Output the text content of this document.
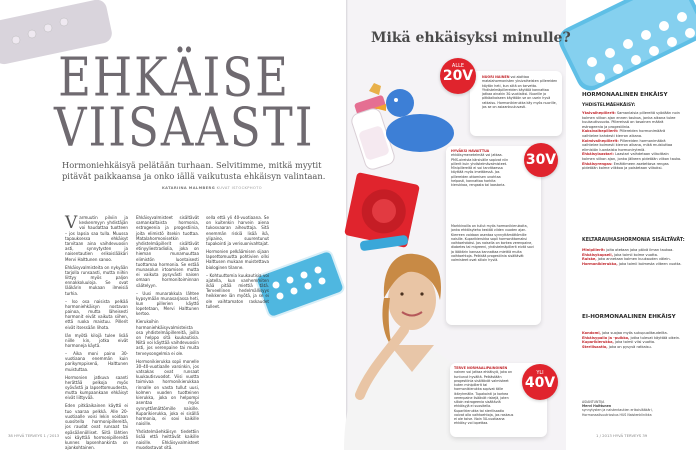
EHKÄISE
VIISAASTI
Hormoniehkäisyä pelätään turhaan. Selvitimme, mitkä myytit pitävät paikkaansa ja onko iällä vaikutusta ehkäisyn valintaan.
KATARIINA MALMBERG KUVAT ISTOCKPHOTO

Varmuutin pilviin ja keskenmyyn yhdistäjän voi haudattaa tuotteen – jos lapsia saa tulla. Muussa tapauksessa ehkäisyt tarvitaan aina vaihdevuosiin asti, synnytysten ja naisentautien erikoislääkäri Mervi Halttunen sanoo.

Ehkäisyvalmisteita on nykyään tarjolla runsaasti, mutta niihin liittyy myös paljon ennakkoluuloja. Se ovat lääkärin mukaan ilmeisiä turhia.

– Iso osa naisista pelkää hormoniehkäisyn nostavan painoa, mutta läheisesti hormonit eivät vaikuta siihen, että ruoka maistuu. Pillerit eivät itsessään lihota.

Iän myötä kilojä tulee lisää niille kin, jotka eivät hormoneja käytä.

– Aika moni paino 30-vuotiaana enemmän kuin parikymppisenä, Halttunen muistuttaa.

Hormonien jatkuva saanti herättää pelkoja myös syövästä ja lapsettomuudesta, mutta kumpaankaan ehkäisyt eivät liittyvää.

Eden pitkäaikainen käyttö ei tuo vaaraa pelkkä. Alle 20-vuotiaalle voisi lekin voidaan suositella hormonipillereitä, jos raudat ovat runsaat tai epäsäännölliset. Siitä lähtien voi käyttää hormonipillereitä kunnes lapsenhankinta on ajankohtainen.

Ehkäisyvalmisteet sisältävät samankaltaista hormonia, estrogeenia ja progestiinia, joita elimistö itsekin tuottaa. Matalahormonisetkin yhdistelmäpillerit sisältävät etinyyliestradiolia, joka on hieman munamuuttaa elimistön luontaisesti tuottamaa hormonia. Se estää munasolun irtoamisen mutta ei vaikuta pysyvästi naisen omaan hormonitoiminnan säätelyyn.

– Uusi munarakkula lähtee kypsymään munasarjassa heti, kun pillerien käyttö lopetetaan, Mervi Halttunen kertoo.

Kierukoihin hormoniehkäisyvalmisteista osa yhdistelmäpillereitä, joilla on helppo sitä kuukautisia. Niitä voi käyttää vaihdevuosiin asti, jos verenpaine tai muita terveysongelmia ei ole.

Hormonikierukka sopii monelle 30–40-vuotiaalle varsinkin, jos vatsakas ovat runsaat kuukautisvuodot. Viisi vuotta toimivaa hormonikierukkaa rinnalle on vasta tullut uusi, kolmen vuoden tuotteinen kierukka, joka on helpompi asentaa myös synnyttämättömille naisille. Kuparikierukka, joka ei sisällä hormonia, ei sovi kaikille naisille.

Yhdistelmäehkäisyn tiedettiin lisää että heittävät kaikille naisille. Ehkäisyvalmisteet muodostavat sitä.

sella että yli 40-vuotiaana. Se on kuitenkin harvein aiena tukosvaaran aiheuttaja. Sitä enemmän riskiä lisää ikä, ylipaino, suurentunut tupakointi ja verisuonivahtajat.

Hormonien pelkäämisen sijaan lapsettomuutta pohtivien ollsi Halttusen mukaan muistettava biologinen tilanne.

– Kohtuuttomia kuukautisia voi ajatella, kun vanhemmiten ikää pitää miettiä tätä. Terveellinen hedelmällisyys heikkenee iän myötä, ja se ei ole vaihtamaton raskaudet tulleet.

Mikä ehkäisyksi minulle?
NUORI NAINEN voi aloittaa matalahormonisten yksivaiheisten pillereiden käytön heti, kun siitä on tarvetta. Yhdistelmäpillereiden käyttöä kannattaa jatkaa ainakin 30-vuotiaiksi. Nuorille ja pitkäaikaiseen käyttöön se on usein hyvä ratkaisu. Hormonikierukka käy myös nuorille, jos se on asiaankuuluvasti.
HYVÄKSI HAVAITTUA ehkäisymenetelmää voi jatkaa. PMS-oireista kärsivälle sopivat niin pillerit kuin yhdistelmävalmisteet. Minipillereitä ei voi tarvittaessa käyttää myös imettäessä. Jos pillereiden ottamisen unohtaa helposti, kannattaa harkita kierukkaa, rengasta tai laastaria.
Markkinoilla on tullut myös hormonikierukoita, jonka ehkäisyteho kestää viiden vuoden ajan. Kierreen voidaan asentaa synnyttämättömille naisille. Kuparikierukka sopii hormonittomaksi vaihtoehdoksi. Jos naisella on korkea verenpaine, diabetes tai migreeni, yhdistelmäpillerit eivät sovi ja lääkärin kanssa kannattaa miettiä muita vaihtoehtoja. Pelkkää progestiinia sisältävät valmisteet ovat silloin hyviä.
TERVE NORMAALIPAINOINEN nainen voi jatkaa ehkäisyä, joka on tuntunut hyvältä. Pelkästään progestiinia sisältävät valmisteet kuten minipillerit tai hormonikierukka sopivat tälle ikäryhmälle. Tupakointi ja korkea verenpaine lisäävät riskejä, joten silloin estrogeenia sisältäviä ehkäisyjä ei suositella. Kuparikierukka tai sterilisaatio voivat olla vaihtoehtoja, jos raskaus ei ole toive. Noin 50-vuotiaana ehkäisy voi lopettaa.
ALLE
20V
30V
YLI
40V
HORMONAALINEN EHKÄISY
YHDISTELMÄEHKÄISY:
Yksivaihepillerit: Samanlaisia pillereitä syödään noin kolmen viikon ajan ennen taukoa, jonka aikana tulee kuukautisvuoto. Pillereissä on tasainen määrä estrogeenia ja progestiinia.
Kaksivaihepillerit: Pillereiden hormonimäärä vaihtelee kahdesti kierron aikana.
Kolmivaihepillerit: Pillereiden hormonimäärä vaihtelee kolmesti kierron aikana, mikä muistuttaa elimistön luontaista hormonirytmiä.
Ehkäisylaastari: Laastari vaihdetaan viikoittain kolmen viikon ajan, jonka jälkeen pidetään viikon tauko.
Ehkäisyrengas: Emättimeen asetettava rengas pidetään kolme viikkoa ja poistetaan viikoksi.
KELTARAUHASHORMONIA SISÄLTÄVÄT:
Minipillerit: joita otetaan joka päivä ilman taukoa.
Ehkäisykapseli, joka toimii kolme vuotta.
Ruiske, joka annetaan kolmen kuukauden välein.
Hormonikierukka, joka toimii kolmesta viiteen vuotta.
EI-HORMONAALINEN EHKÄISY
Kondomi, joka suojaa myös sukupuolitaudeilta.
Ehkäisypallo ja -puikko, jotka tulevat käyttää oikein.
Kuparikierukka, joka toimii viisi vuotta.
Sterilisaatio, joka on pysyvä ratkaisu.
ASIANTUNTIJA
Mervi Halttunen
synnytysten ja naistentautien erikoislääkäri, Hormonaalisuutrioskus HUS Naistenklinikka
38 HYVÄ TERVEYS 1 / 2013	1 / 2013 HYVÄ TERVEYS 39
